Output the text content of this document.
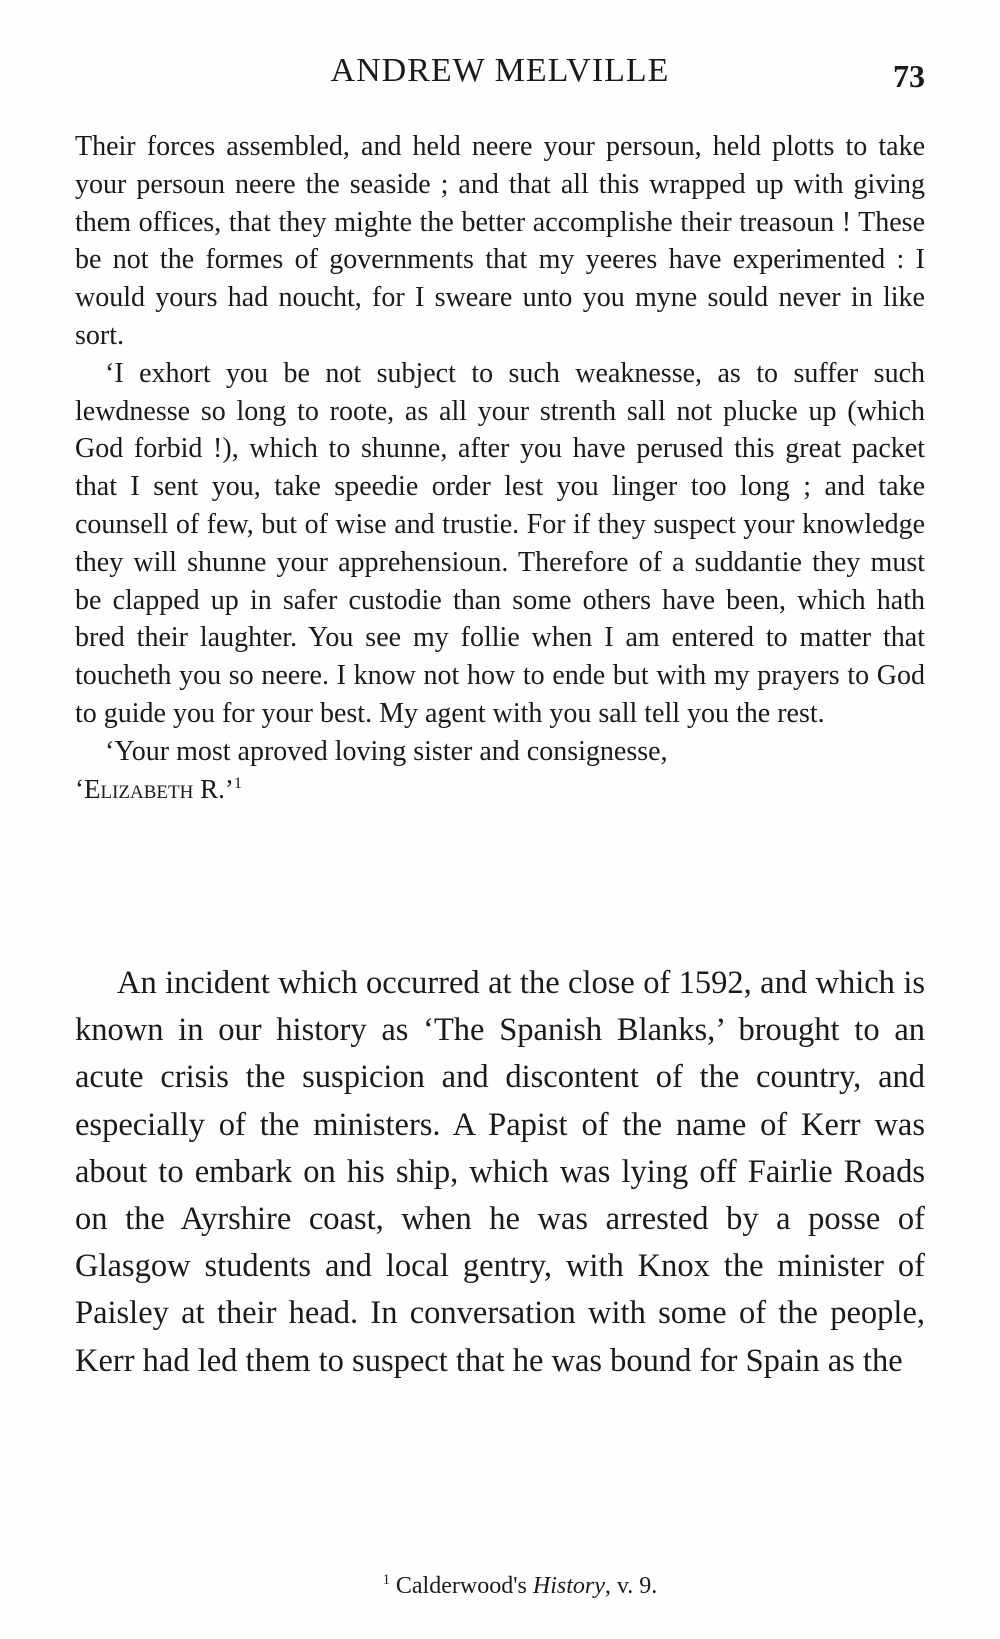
ANDREW MELVILLE	73

Their forces assembled, and held neere your persoun, held plotts to take your persoun neere the seaside ; and that all this wrapped up with giving them offices, that they mighte the better accomplishe their treasoun ! These be not the formes of governments that my yeeres have experimented : I would yours had noucht, for I sweare unto you myne sould never in like sort.

‘I exhort you be not subject to such weaknesse, as to suffer such lewdnesse so long to roote, as all your strenth sall not plucke up (which God forbid !), which to shunne, after you have perused this great packet that I sent you, take speedie order lest you linger too long ; and take counsell of few, but of wise and trustie. For if they suspect your knowledge they will shunne your apprehensioun. Therefore of a suddantie they must be clapped up in safer custodie than some others have been, which hath bred their laughter. You see my follie when I am entered to matter that toucheth you so neere. I know not how to ende but with my prayers to God to guide you for your best. My agent with you sall tell you the rest.

‘Your most aproved loving sister and consignesse,

‘Elizabeth R.’$^1$

An incident which occurred at the close of 1592, and which is known in our history as ‘The Spanish Blanks,’ brought to an acute crisis the suspicion and discontent of the country, and especially of the ministers. A Papist of the name of Kerr was about to embark on his ship, which was lying off Fairlie Roads on the Ayrshire coast, when he was arrested by a posse of Glasgow students and local gentry, with Knox the minister of Paisley at their head. In conversation with some of the people, Kerr had led them to suspect that he was bound for Spain as the

$^1$ Calderwood's History, v. 9.
